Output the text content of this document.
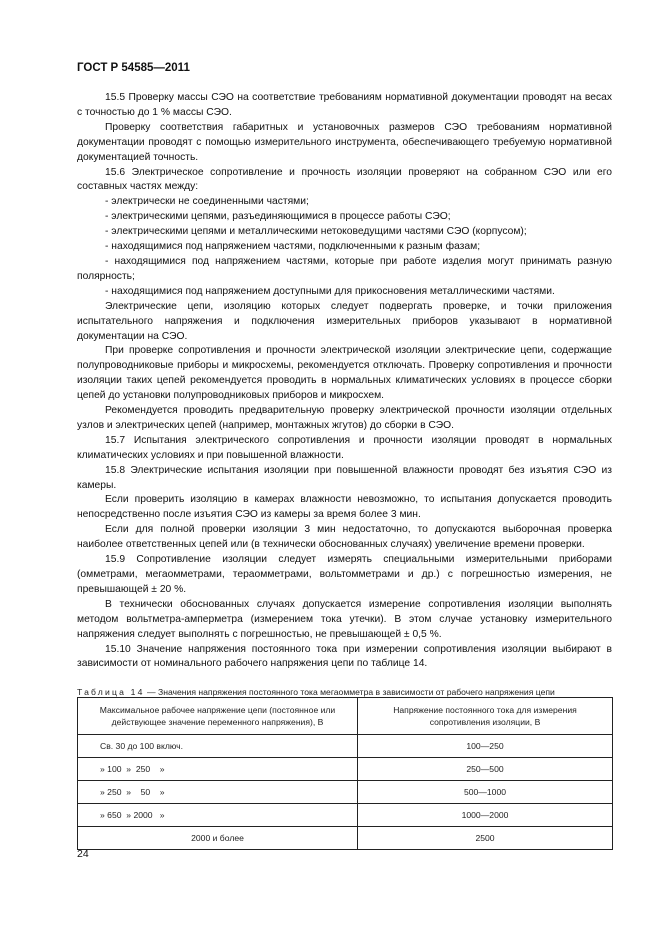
ГОСТ Р 54585—2011

15.5 Проверку массы СЭО на соответствие требованиям нормативной документации проводят на весах с точностью до 1 % массы СЭО.

Проверку соответствия габаритных и установочных размеров СЭО требованиям нормативной документации проводят с помощью измерительного инструмента, обеспечивающего требуемую нормативной документацией точность.

15.6 Электрическое сопротивление и прочность изоляции проверяют на собранном СЭО или его составных частях между:

- электрически не соединенными частями;

- электрическими цепями, разъединяющимися в процессе работы СЭО;

- электрическими цепями и металлическими нетоковедущими частями СЭО (корпусом);

- находящимися под напряжением частями, подключенными к разным фазам;

- находящимися под напряжением частями, которые при работе изделия могут принимать разную полярность;

- находящимися под напряжением доступными для прикосновения металлическими частями.

Электрические цепи, изоляцию которых следует подвергать проверке, и точки приложения испытательного напряжения и подключения измерительных приборов указывают в нормативной документации на СЭО.

При проверке сопротивления и прочности электрической изоляции электрические цепи, содержащие полупроводниковые приборы и микросхемы, рекомендуется отключать. Проверку сопротивления и прочности изоляции таких цепей рекомендуется проводить в нормальных климатических условиях в процессе сборки цепей до установки полупроводниковых приборов и микросхем.

Рекомендуется проводить предварительную проверку электрической прочности изоляции отдельных узлов и электрических цепей (например, монтажных жгутов) до сборки в СЭО.

15.7 Испытания электрического сопротивления и прочности изоляции проводят в нормальных климатических условиях и при повышенной влажности.

15.8 Электрические испытания изоляции при повышенной влажности проводят без изъятия СЭО из камеры.

Если проверить изоляцию в камерах влажности невозможно, то испытания допускается проводить непосредственно после изъятия СЭО из камеры за время более 3 мин.

Если для полной проверки изоляции 3 мин недостаточно, то допускаются выборочная проверка наиболее ответственных цепей или (в технически обоснованных случаях) увеличение времени проверки.

15.9 Сопротивление изоляции следует измерять специальными измерительными приборами (омметрами, мегаомметрами, тераомметрами, вольтомметрами и др.) с погрешностью измерения, не превышающей ± 20 %.

В технически обоснованных случаях допускается измерение сопротивления изоляции выполнять методом вольтметра-амперметра (измерением тока утечки). В этом случае установку измерительного напряжения следует выполнять с погрешностью, не превышающей ± 0,5 %.

15.10 Значение напряжения постоянного тока при измерении сопротивления изоляции выбирают в зависимости от номинального рабочего напряжения цепи по таблице 14.

Таблица 14 — Значения напряжения постоянного тока мегаомметра в зависимости от рабочего напряжения цепи
Максимальное рабочее напряжение цепи (постоянное или действующее значение переменного напряжения), В	Напряжение постоянного тока для измерения сопротивления изоляции, В
Св. 30 до 100 включ.	100—250
» 100  »  250    »	250—500
» 250  »    50    »	500—1000
» 650  » 2000   »	1000—2000
2000 и более	2500
24
